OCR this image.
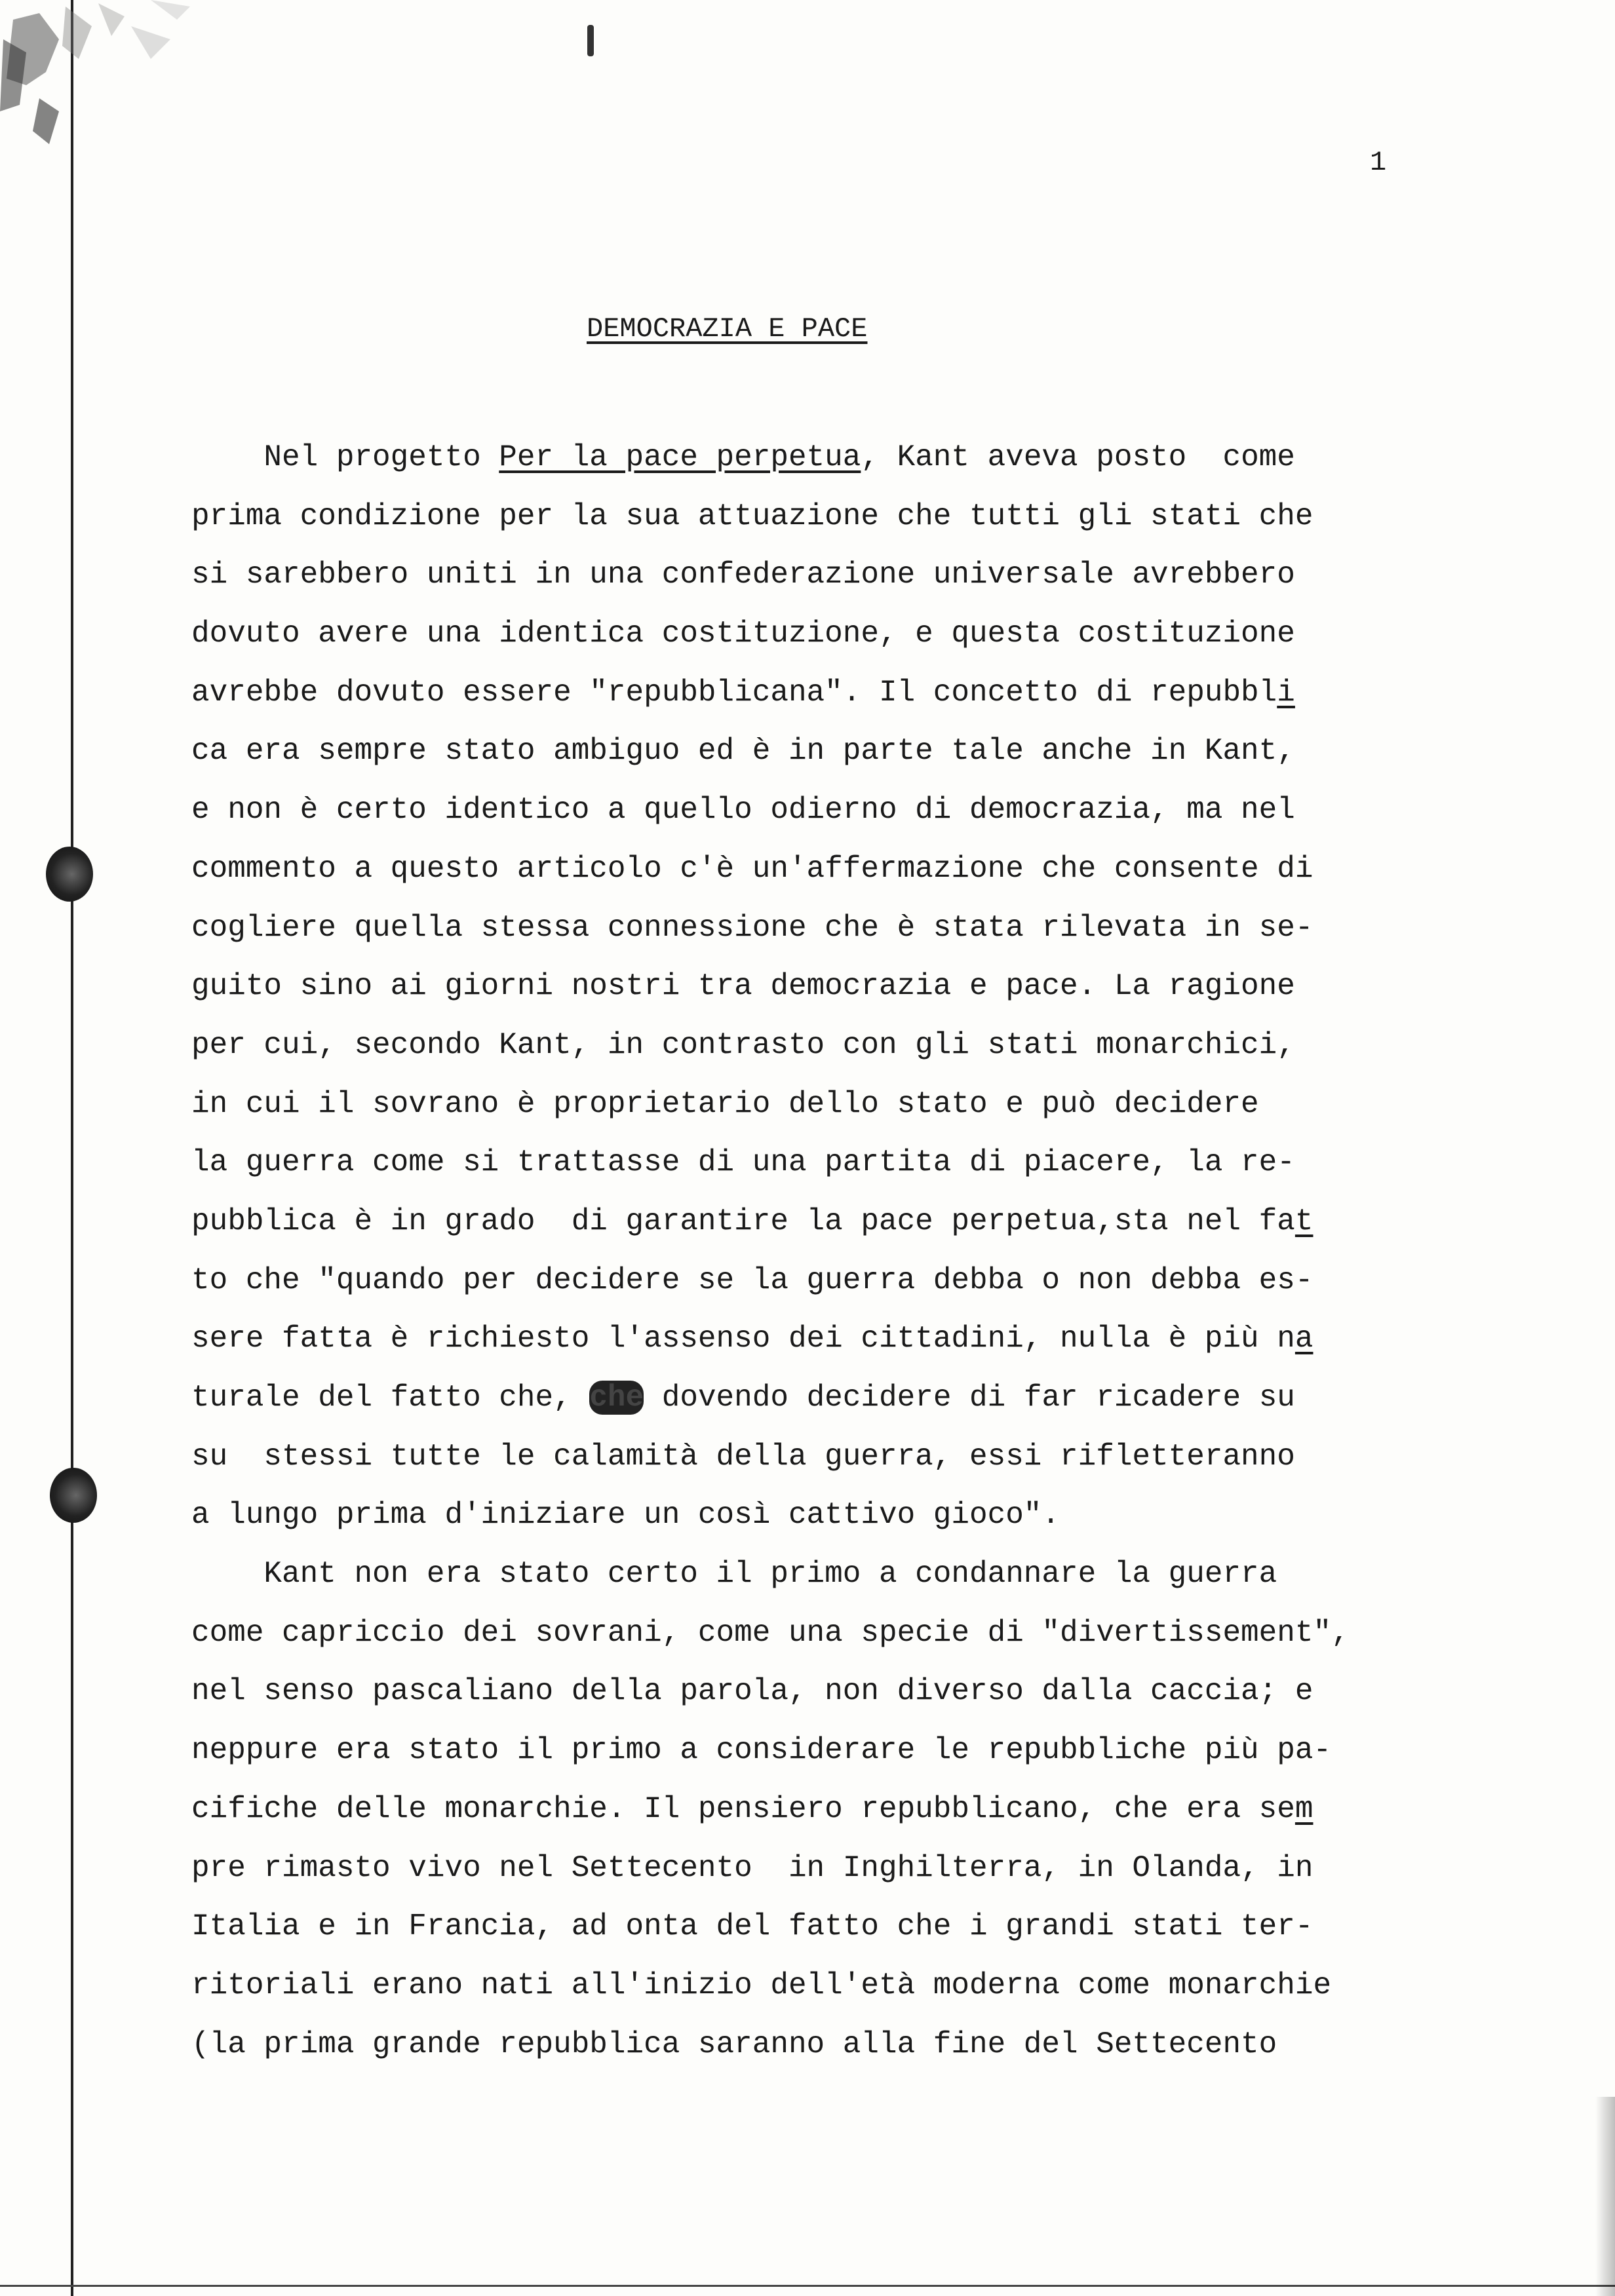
1
DEMOCRAZIA E PACE
Nel progetto Per la pace perpetua, Kant aveva posto  come
prima condizione per la sua attuazione che tutti gli stati che
si sarebbero uniti in una confederazione universale avrebbero
dovuto avere una identica costituzione, e questa costituzione
avrebbe dovuto essere "repubblicana". Il concetto di repubbli
ca era sempre stato ambiguo ed è in parte tale anche in Kant,
e non è certo identico a quello odierno di democrazia, ma nel
commento a questo articolo c'è un'affermazione che consente di
cogliere quella stessa connessione che è stata rilevata in se-
guito sino ai giorni nostri tra democrazia e pace. La ragione
per cui, secondo Kant, in contrasto con gli stati monarchici,
in cui il sovrano è proprietario dello stato e può decidere
la guerra come si trattasse di una partita di piacere, la re-
pubblica è in grado  di garantire la pace perpetua,sta nel fat
to che "quando per decidere se la guerra debba o non debba es-
sere fatta è richiesto l'assenso dei cittadini, nulla è più na
turale del fatto che, che dovendo decidere di far ricadere su
su  stessi tutte le calamità della guerra, essi rifletteranno
a lungo prima d'iniziare un così cattivo gioco".
Kant non era stato certo il primo a condannare la guerra
come capriccio dei sovrani, come una specie di "divertissement",
nel senso pascaliano della parola, non diverso dalla caccia; e
neppure era stato il primo a considerare le repubbliche più pa-
cifiche delle monarchie. Il pensiero repubblicano, che era sem
pre rimasto vivo nel Settecento  in Inghilterra, in Olanda, in
Italia e in Francia, ad onta del fatto che i grandi stati ter-
ritoriali erano nati all'inizio dell'età moderna come monarchie
(la prima grande repubblica saranno alla fine del Settecento
